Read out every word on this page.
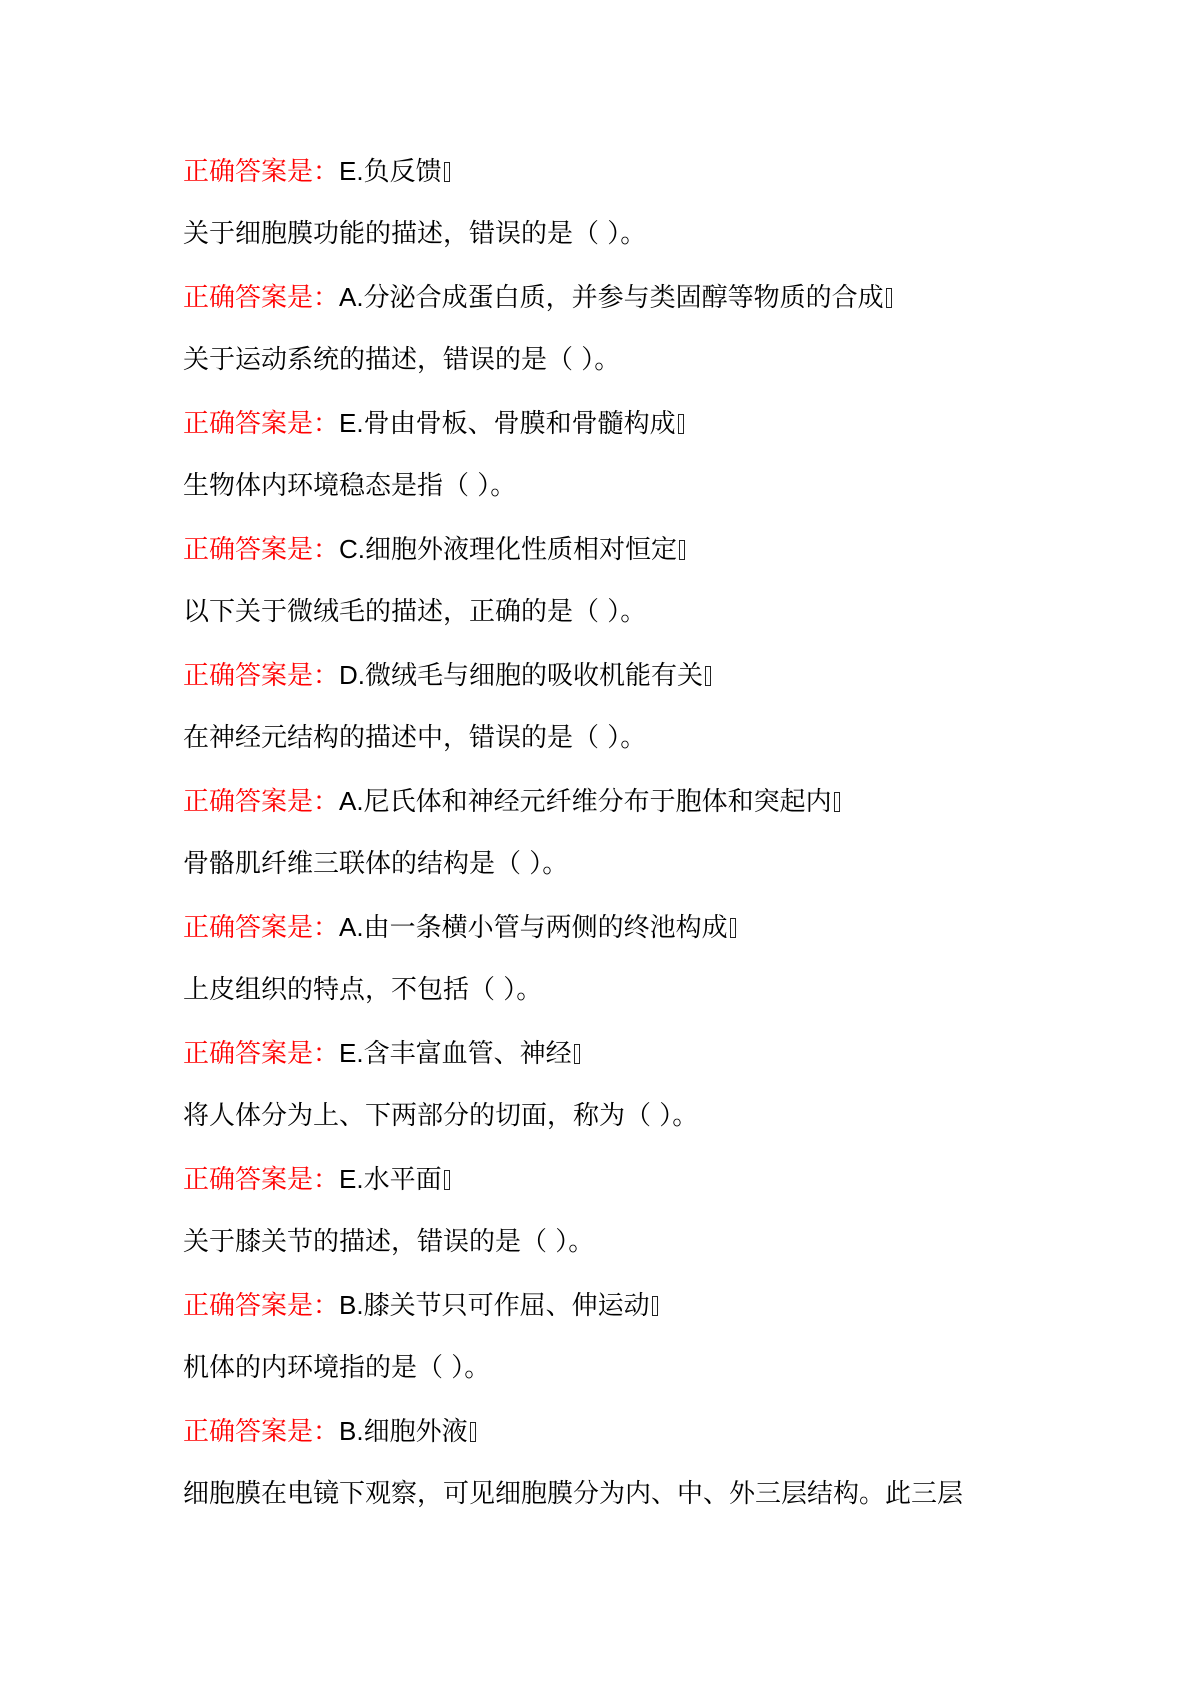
正确答案是：E.负反馈
关于细胞膜功能的描述，错误的是（ ）。
正确答案是：A.分泌合成蛋白质，并参与类固醇等物质的合成
关于运动系统的描述，错误的是（ ）。
正确答案是：E.骨由骨板、骨膜和骨髓构成
生物体内环境稳态是指（ ）。
正确答案是：C.细胞外液理化性质相对恒定
以下关于微绒毛的描述，正确的是（ ）。
正确答案是：D.微绒毛与细胞的吸收机能有关
在神经元结构的描述中，错误的是（ ）。
正确答案是：A.尼氏体和神经元纤维分布于胞体和突起内
骨骼肌纤维三联体的结构是（ ）。
正确答案是：A.由一条横小管与两侧的终池构成
上皮组织的特点，不包括（ ）。
正确答案是：E.含丰富血管、神经
将人体分为上、下两部分的切面，称为（ ）。
正确答案是：E.水平面
关于膝关节的描述，错误的是（ ）。
正确答案是：B.膝关节只可作屈、伸运动
机体的内环境指的是（ ）。
正确答案是：B.细胞外液
细胞膜在电镜下观察，可见细胞膜分为内、中、外三层结构。此三层
